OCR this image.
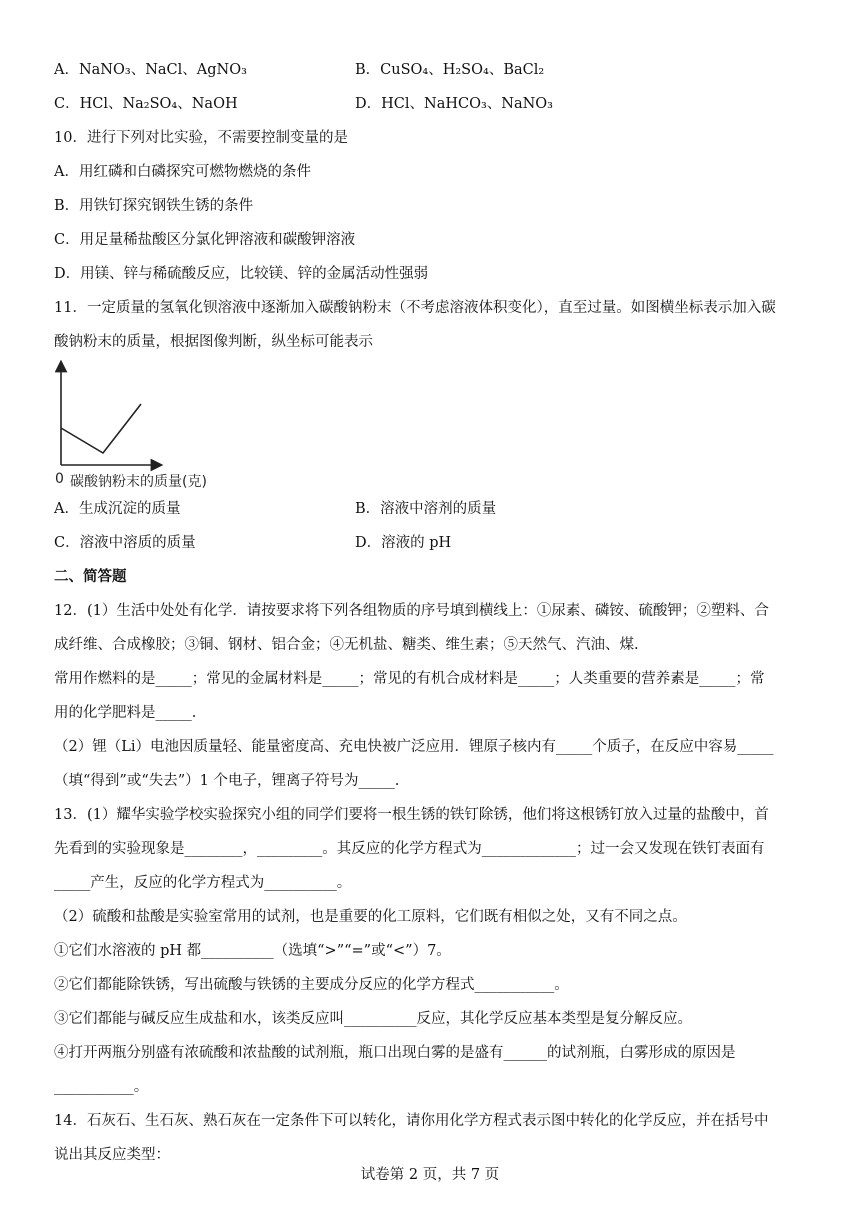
A．NaNO₃、NaCl、AgNO₃	B．CuSO₄、H₂SO₄、BaCl₂
C．HCl、Na₂SO₄、NaOH	D．HCl、NaHCO₃、NaNO₃
10．进行下列对比实验，不需要控制变量的是
A．用红磷和白磷探究可燃物燃烧的条件
B．用铁钉探究钢铁生锈的条件
C．用足量稀盐酸区分氯化钾溶液和碳酸钾溶液
D．用镁、锌与稀硫酸反应，比较镁、锌的金属活动性强弱
11．一定质量的氢氧化钡溶液中逐渐加入碳酸钠粉末（不考虑溶液体积变化），直至过量。如图横坐标表示加入碳
酸钠粉末的质量，根据图像判断，纵坐标可能表示
0 碳酸钠粉末的质量(克)
A．生成沉淀的质量	B．溶液中溶剂的质量
C．溶液中溶质的质量	D．溶液的 pH
二、简答题
12．(1）生活中处处有化学．请按要求将下列各组物质的序号填到横线上：①尿素、磷铵、硫酸钾；②塑料、合
成纤维、合成橡胶；③铜、钢材、铝合金；④无机盐、糖类、维生素；⑤天然气、汽油、煤.
常用作燃料的是_____；常见的金属材料是_____；常见的有机合成材料是_____；人类重要的营养素是_____；常
用的化学肥料是_____.
（2）锂（Li）电池因质量轻、能量密度高、充电快被广泛应用．锂原子核内有_____个质子，在反应中容易_____
（填“得到”或“失去”）1 个电子，锂离子符号为_____.
13．(1）耀华实验学校实验探究小组的同学们要将一根生锈的铁钉除锈，他们将这根锈钉放入过量的盐酸中，首
先看到的实验现象是________，_________。其反应的化学方程式为_____________；过一会又发现在铁钉表面有
_____产生，反应的化学方程式为__________。
（2）硫酸和盐酸是实验室常用的试剂，也是重要的化工原料，它们既有相似之处，又有不同之点。
①它们水溶液的 pH 都__________（选填“>”“=”或“<”）7。
②它们都能除铁锈，写出硫酸与铁锈的主要成分反应的化学方程式___________。
③它们都能与碱反应生成盐和水，该类反应叫__________反应，其化学反应基本类型是复分解反应。
④打开两瓶分别盛有浓硫酸和浓盐酸的试剂瓶，瓶口出现白雾的是盛有______的试剂瓶，白雾形成的原因是
___________。
14．石灰石、生石灰、熟石灰在一定条件下可以转化，请你用化学方程式表示图中转化的化学反应，并在括号中
说出其反应类型：
试卷第 2 页，共 7 页
